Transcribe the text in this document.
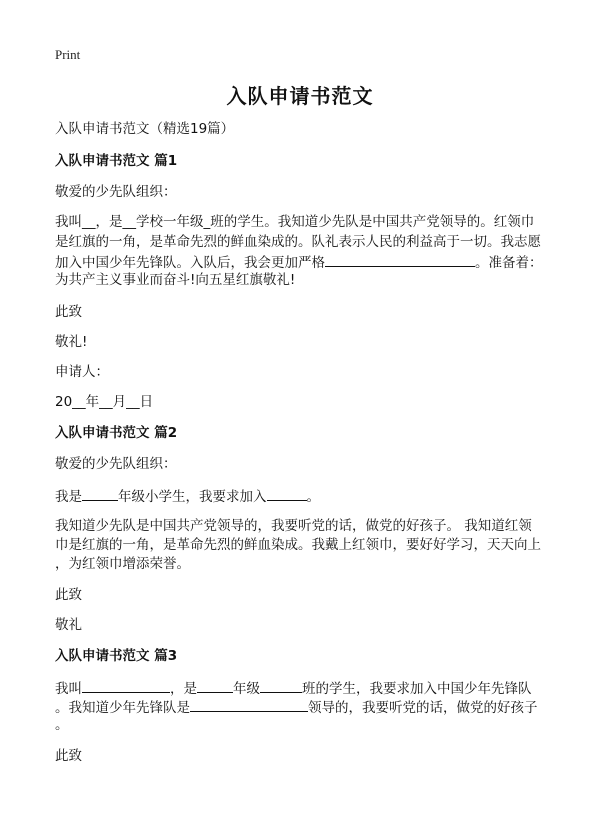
Print
入队申请书范文
入队申请书范文（精选19篇）
入队申请书范文 篇1
敬爱的少先队组织：
我叫__，是__学校一年级_班的学生。我知道少先队是中国共产党领导的。红领巾
是红旗的一角，是革命先烈的鲜血染成的。队礼表示人民的利益高于一切。我志愿
加入中国少年先锋队。入队后，我会更加严格	。准备着：
为共产主义事业而奋斗!向五星红旗敬礼!
此致
敬礼!
申请人：
20__年__月__日
入队申请书范文 篇2
敬爱的少先队组织：
我是	年级小学生，我要求加入	。
我知道少先队是中国共产党领导的，我要听党的话，做党的好孩子。 我知道红领
巾是红旗的一角，是革命先烈的鲜血染成。我戴上红领巾，要好好学习，天天向上
，为红领巾增添荣誉。
此致
敬礼
入队申请书范文 篇3
我叫	，是	年级	班的学生，我要求加入中国少年先锋队
。我知道少年先锋队是	领导的，我要听党的话，做党的好孩子
。
此致
